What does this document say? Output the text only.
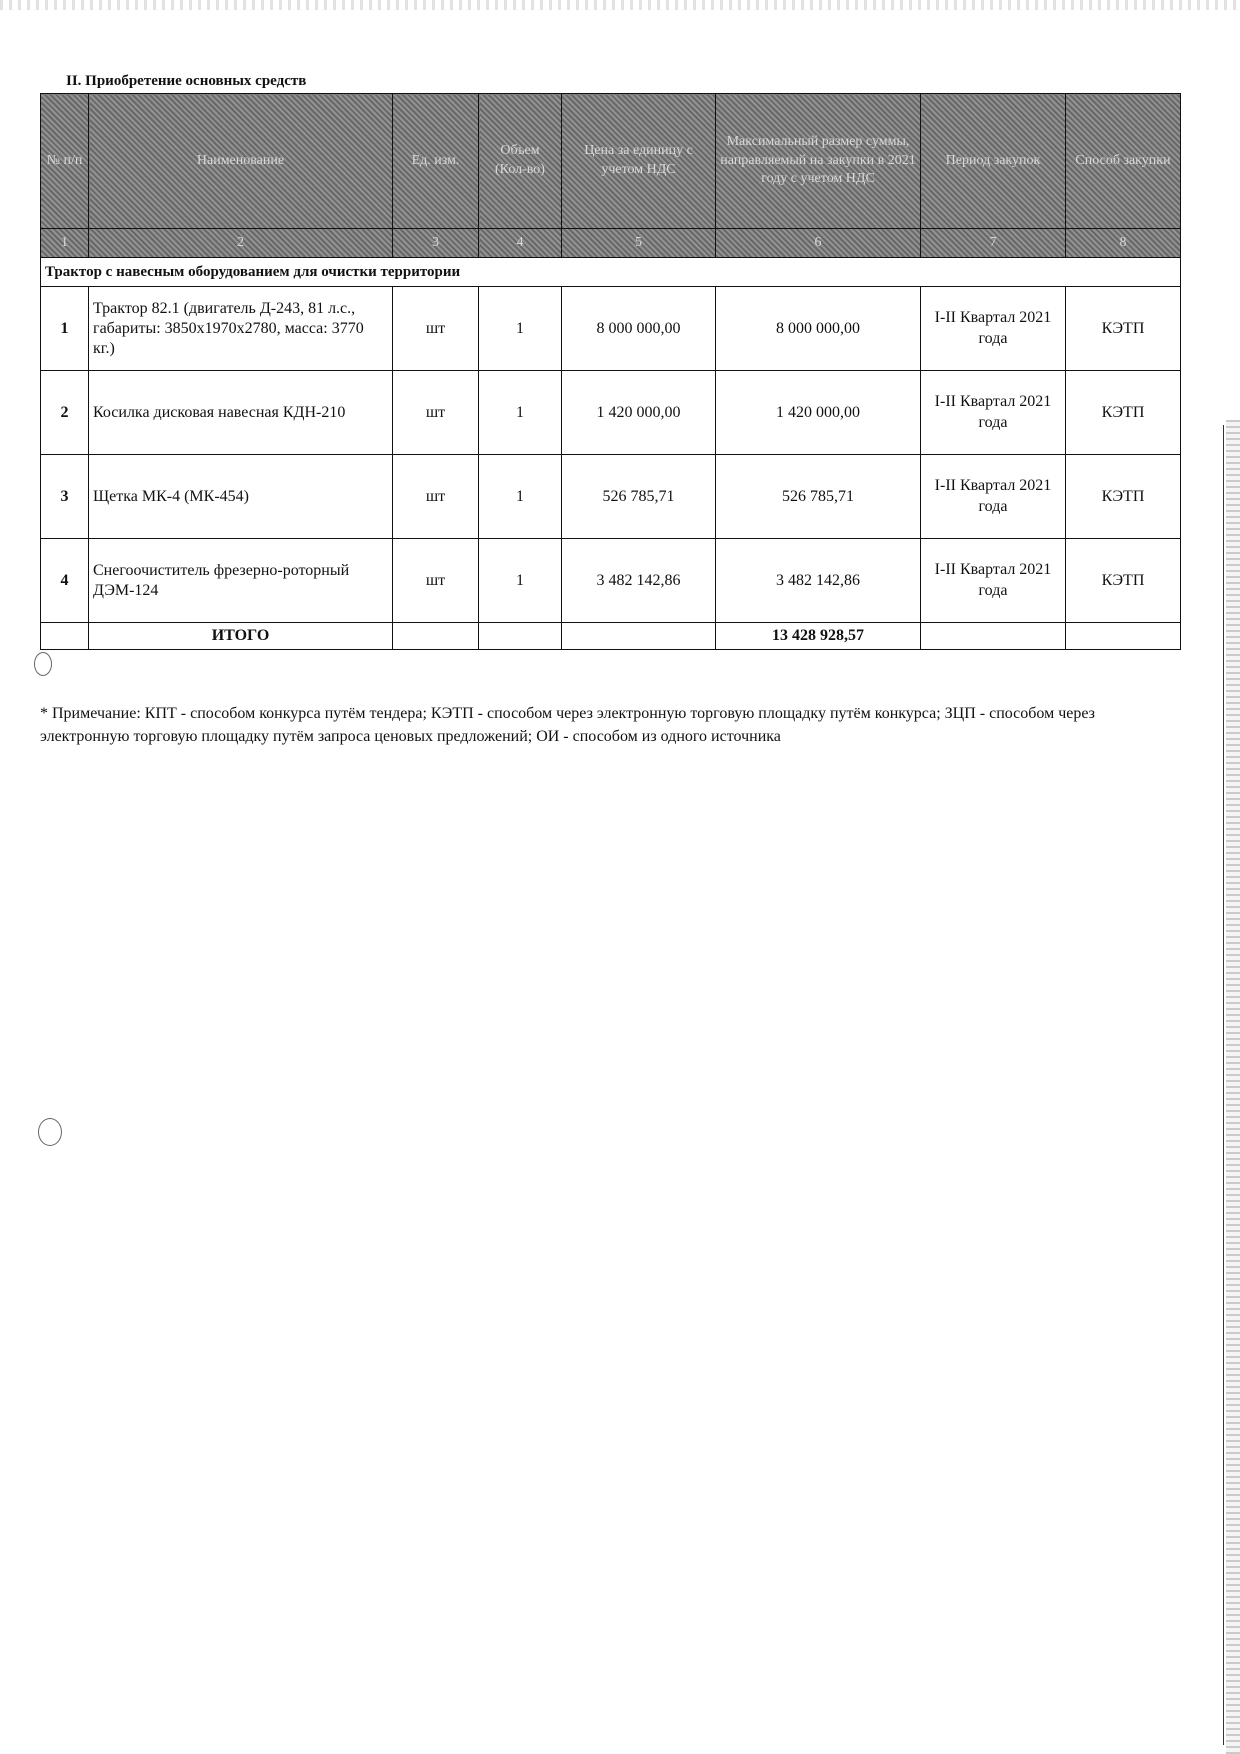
II. Приобретение основных средств
№ п/п	Наименование	Ед. изм.	Объем (Кол-во)	Цена за единицу с учетом НДС	Максимальный размер суммы, направляемый на закупки в 2021 году с учетом НДС	Период закупок	Способ закупки
1	2	3	4	5	6	7	8
Трактор с навесным оборудованием для очистки территории							
1	Трактор 82.1 (двигатель Д-243, 81 л.с., габариты: 3850x1970x2780, масса: 3770 кг.)	шт	1	8 000 000,00	8 000 000,00	I-II Квартал 2021 года	КЭТП
2	Косилка дисковая навесная КДН-210	шт	1	1 420 000,00	1 420 000,00	I-II Квартал 2021 года	КЭТП
3	Щетка МК-4 (МК-454)	шт	1	526 785,71	526 785,71	I-II Квартал 2021 года	КЭТП
4	Снегоочиститель фрезерно-роторный ДЭМ-124	шт	1	3 482 142,86	3 482 142,86	I-II Квартал 2021 года	КЭТП
	ИТОГО				13 428 928,57		
* Примечание: КПТ - способом конкурса путём тендера; КЭТП - способом через электронную торговую площадку путём конкурса; ЗЦП - способом через электронную торговую площадку путём запроса ценовых предложений; ОИ - способом из одного источника
